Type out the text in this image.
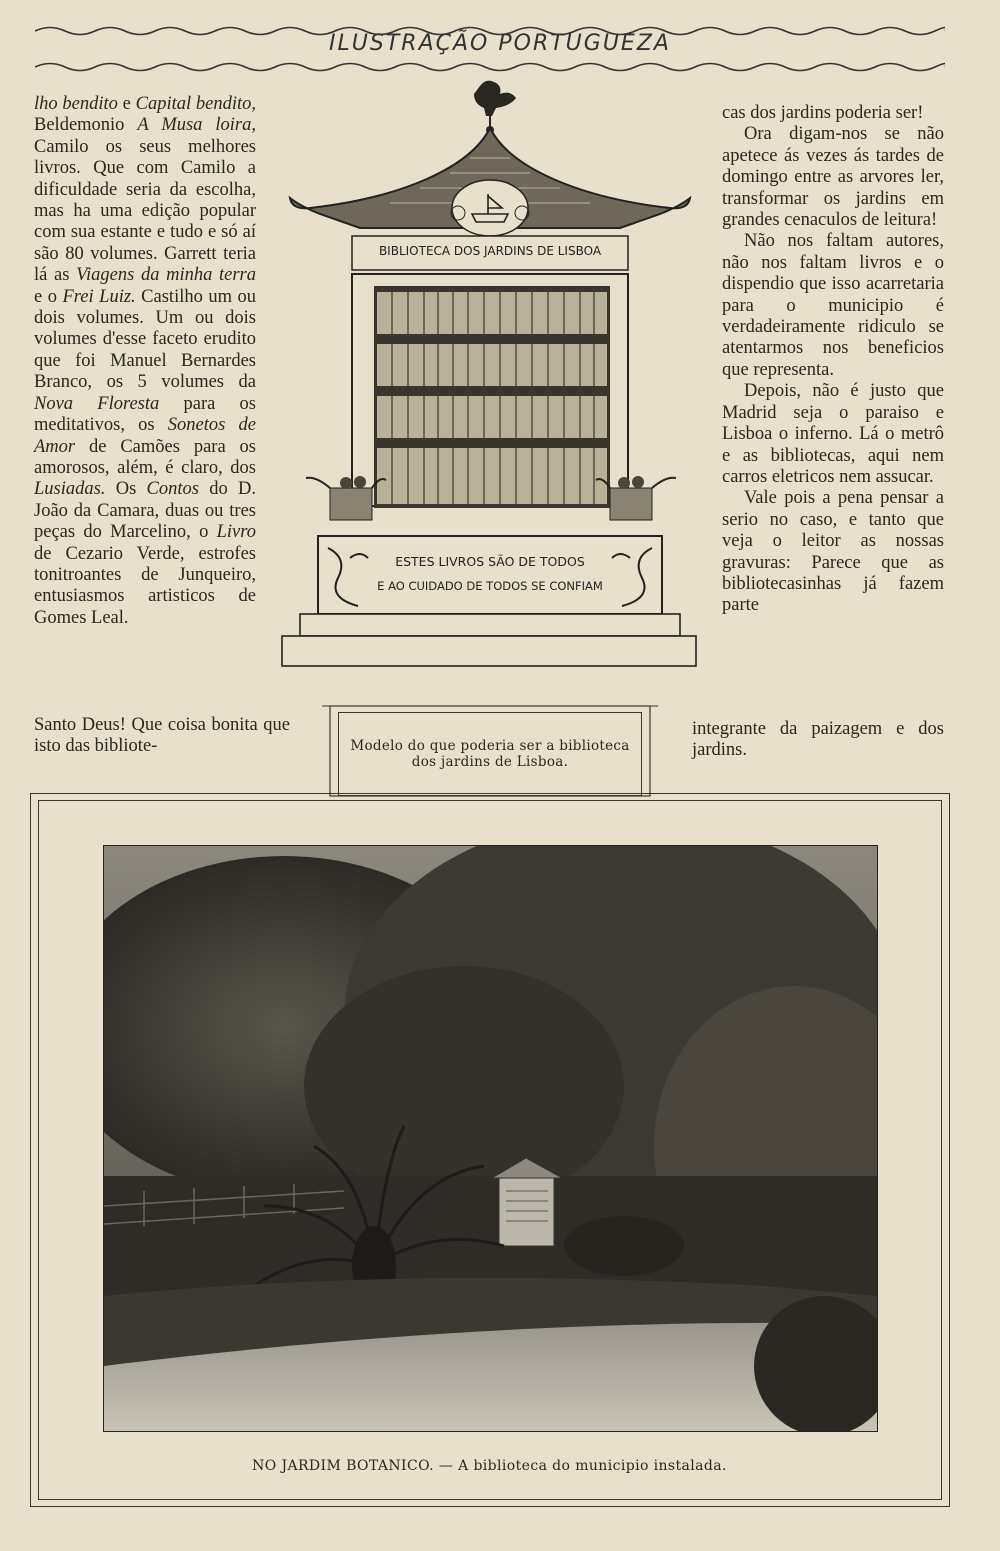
ILUSTRAÇÃO PORTUGUEZA

lho bendito e Capital bendito, Beldemonio A Musa loira, Camilo os seus melhores livros. Que com Camilo a dificuldade seria da escolha, mas ha uma edição popular com sua estante e tudo e só aí são 80 volumes. Garrett teria lá as Viagens da minha terra e o Frei Luiz. Castilho um ou dois volumes. Um ou dois volumes d'esse faceto erudito que foi Manuel Bernardes Branco, os 5 volumes da Nova Floresta para os meditativos, os Sonetos de Amor de Camões para os amorosos, além, é claro, dos Lusiadas. Os Contos do D. João da Camara, duas ou tres peças do Marcelino, o Livro de Cezario Verde, estrofes tonitroantes de Junqueiro, entusiasmos artisticos de Gomes Leal.

Santo Deus! Que coisa bonita que isto das bibliote-

BIBLIOTECA DOS JARDINS DE LISBOA
ESTES LIVROS SÃO DE TODOS
E AO CUIDADO DE TODOS SE CONFIAM
Modelo do que poderia ser a biblioteca dos jardins de Lisboa.

cas dos jardins poderia ser!

Ora digam-nos se não apetece ás vezes ás tardes de domingo entre as arvores ler, transformar os jardins em grandes cenaculos de leitura!

Não nos faltam autores, não nos faltam livros e o dispendio que isso acarretaria para o municipio é verdadeiramente ridiculo se atentarmos nos beneficios que representa.

Depois, não é justo que Madrid seja o paraiso e Lisboa o inferno. Lá o metrô e as bibliotecas, aqui nem carros eletricos nem assucar.

Vale pois a pena pensar a serio no caso, e tanto que veja o leitor as nossas gravuras: Parece que as bibliotecasinhas já fazem parte

integrante da paizagem e dos jardins.

NO JARDIM BOTANICO. — A biblioteca do municipio instalada.
